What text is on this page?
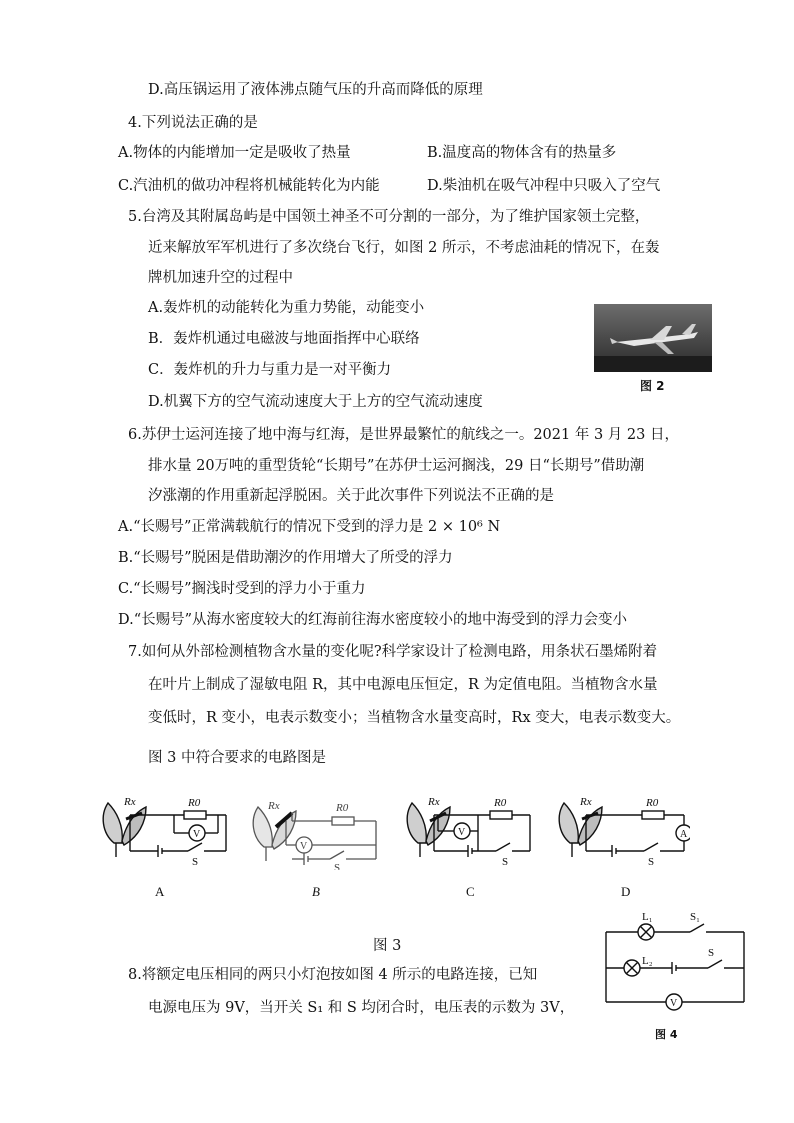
D.高压锅运用了液体沸点随气压的升高而降低的原理
4.下列说法正确的是
A.物体的内能增加一定是吸收了热量	B.温度高的物体含有的热量多
C.汽油机的做功冲程将机械能转化为内能	D.柴油机在吸气冲程中只吸入了空气
5.台湾及其附属岛屿是中国领土神圣不可分割的一部分，为了维护国家领土完整，
近来解放军军机进行了多次绕台飞行，如图 2 所示，不考虑油耗的情况下，在轰
牌机加速升空的过程中
A.轰炸机的动能转化为重力势能，动能变小
B．轰炸机通过电磁波与地面指挥中心联络
C．轰炸机的升力与重力是一对平衡力
D.机翼下方的空气流动速度大于上方的空气流动速度
图 2
6.苏伊士运河连接了地中海与红海，是世界最繁忙的航线之一。2021 年 3 月 23 日，
排水量 20万吨的重型货轮“长期号”在苏伊士运河搁浅，29 日“长期号”借助潮
汐涨潮的作用重新起浮脱困。关于此次事件下列说法不正确的是
A.“长赐号”正常满载航行的情况下受到的浮力是 2 × 10⁶ N
B.“长赐号”脱困是借助潮汐的作用增大了所受的浮力
C.“长赐号”搁浅时受到的浮力小于重力
D.“长赐号”从海水密度较大的红海前往海水密度较小的地中海受到的浮力会变小
7.如何从外部检测植物含水量的变化呢?科学家设计了检测电路，用条状石墨烯附着
在叶片上制成了湿敏电阻 R，其中电源电压恒定，R 为定值电阻。当植物含水量
变低时，R 变小，电表示数变小；当植物含水量变高时，Rx 变大，电表示数变大。
图 3 中符合要求的电路图是
Rx	R0
V
S
A
Rx	R0
V
S
B
Rx	R0
V
S
C
Rx	R0
A
S
D
图 3
8.将额定电压相同的两只小灯泡按如图 4 所示的电路连接，已知
电源电压为 9V，当开关 S₁ 和 S 均闭合时，电压表的示数为 3V，
L₁	S₁
L₂
S
V
图 4
